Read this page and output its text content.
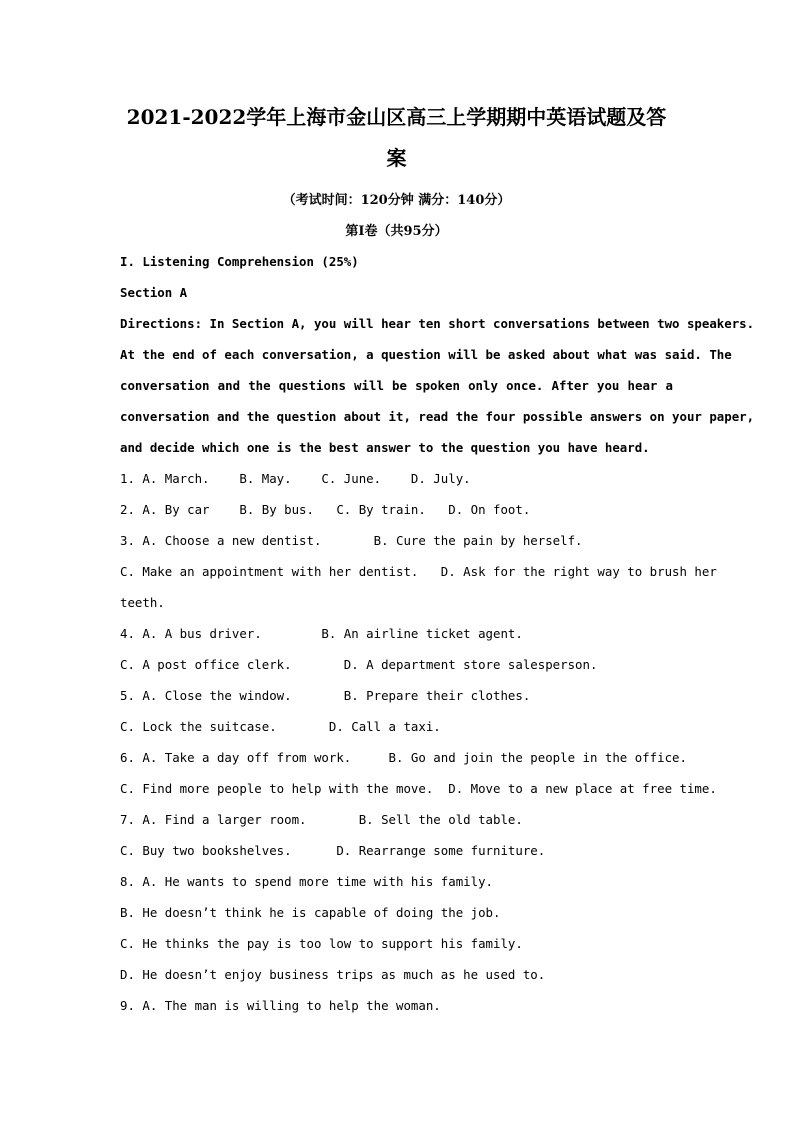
2021-2022学年上海市金山区高三上学期期中英语试题及答
案
（考试时间：120分钟 满分：140分）
第I卷（共95分）

I. Listening Comprehension (25%)

Section A

Directions: In Section A, you will hear ten short conversations between two speakers.

At the end of each conversation, a question will be asked about what was said. The

conversation and the questions will be spoken only once. After you hear a

conversation and the question about it, read the four possible answers on your paper,

and decide which one is the best answer to the question you have heard.

1. A. March.    B. May.    C. June.    D. July.

2. A. By car    B. By bus.   C. By train.   D. On foot.

3. A. Choose a new dentist.       B. Cure the pain by herself.

C. Make an appointment with her dentist.   D. Ask for the right way to brush her

teeth.

4. A. A bus driver.        B. An airline ticket agent.

C. A post office clerk.       D. A department store salesperson.

5. A. Close the window.       B. Prepare their clothes.

C. Lock the suitcase.       D. Call a taxi.

6. A. Take a day off from work.     B. Go and join the people in the office.

C. Find more people to help with the move.  D. Move to a new place at free time.

7. A. Find a larger room.       B. Sell the old table.

C. Buy two bookshelves.      D. Rearrange some furniture.

8. A. He wants to spend more time with his family.

B. He doesn’t think he is capable of doing the job.

C. He thinks the pay is too low to support his family.

D. He doesn’t enjoy business trips as much as he used to.

9. A. The man is willing to help the woman.
